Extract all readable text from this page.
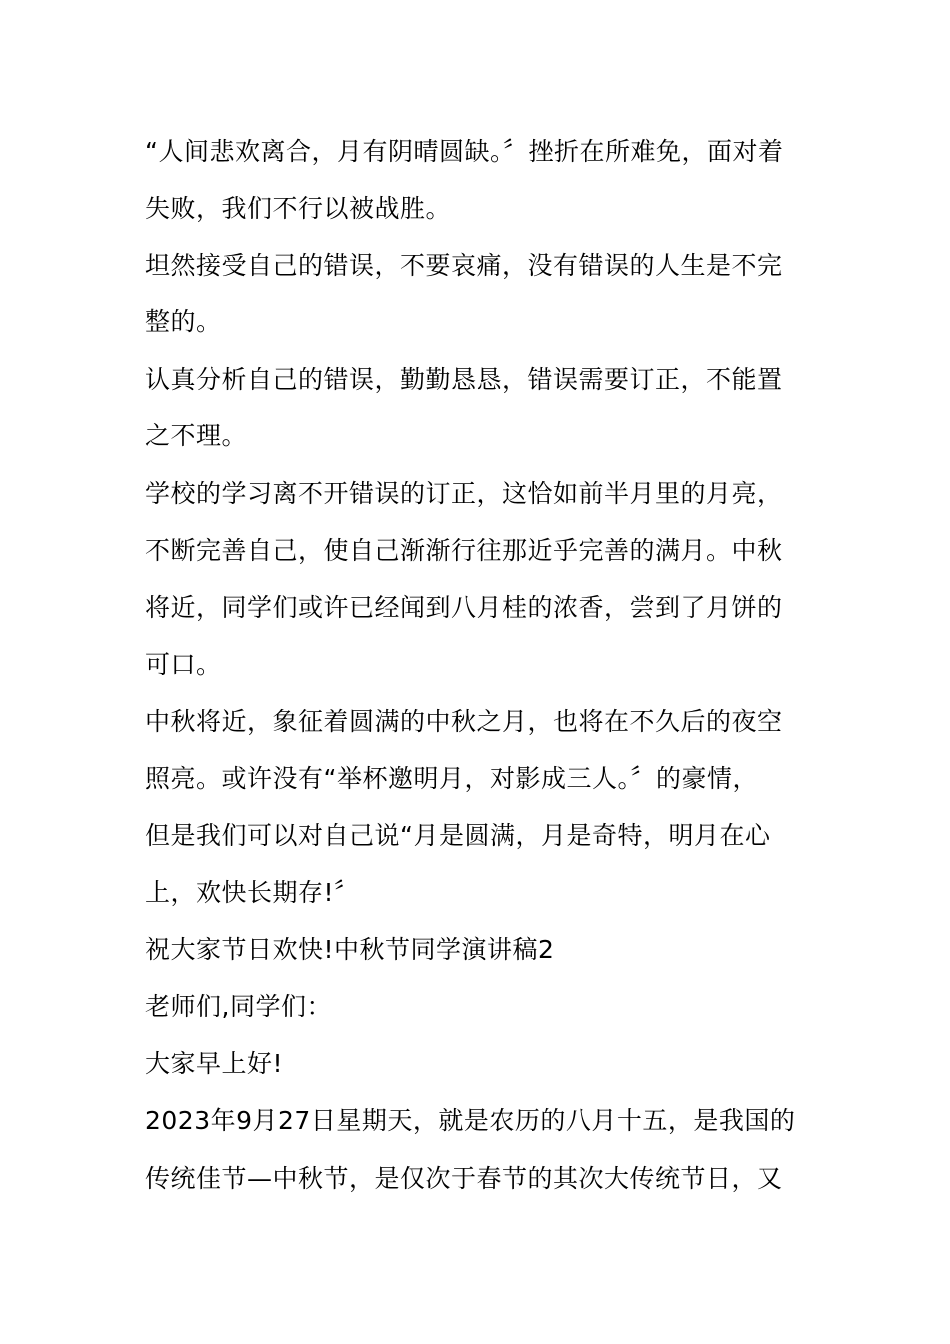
“人间悲欢离合，月有阴晴圆缺。〞挫折在所难免，面对着
失败，我们不行以被战胜。
坦然接受自己的错误，不要哀痛，没有错误的人生是不完
整的。
认真分析自己的错误，勤勤恳恳，错误需要订正，不能置
之不理。
学校的学习离不开错误的订正，这恰如前半月里的月亮，
不断完善自己，使自己渐渐行往那近乎完善的满月。中秋
将近，同学们或许已经闻到八月桂的浓香，尝到了月饼的
可口。
中秋将近，象征着圆满的中秋之月，也将在不久后的夜空
照亮。或许没有“举杯邀明月，对影成三人。〞的豪情，
但是我们可以对自己说“月是圆满，月是奇特，明月在心
上，欢快长期存!〞
祝大家节日欢快!中秋节同学演讲稿2
老师们,同学们：
大家早上好!
2023年9月27日星期天，就是农历的八月十五，是我国的
传统佳节—中秋节，是仅次于春节的其次大传统节日，又
